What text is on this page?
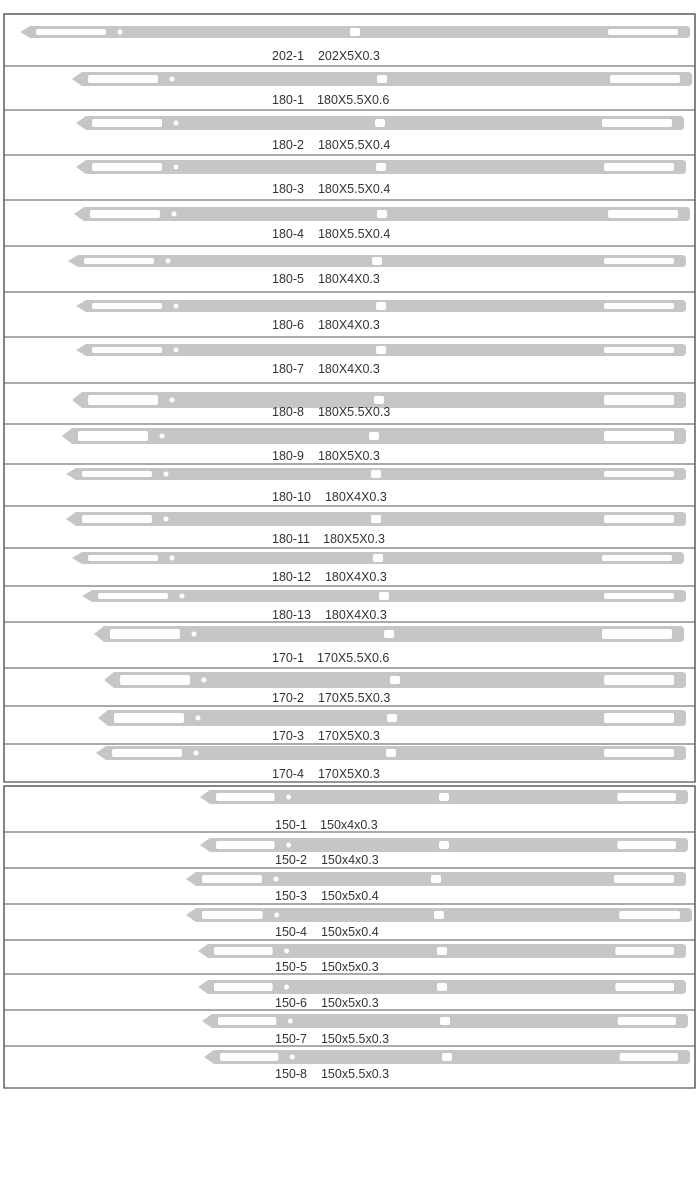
202-1 202X5X0.3
180-1 180X5.5X0.6
180-2 180X5.5X0.4
180-3 180X5.5X0.4
180-4 180X5.5X0.4
180-5 180X4X0.3
180-6 180X4X0.3
180-7 180X4X0.3
180-8 180X5.5X0.3
180-9 180X5X0.3
180-10 180X4X0.3
180-11 180X5X0.3
180-12 180X4X0.3
180-13 180X4X0.3
170-1 170X5.5X0.6
170-2 170X5.5X0.3
170-3 170X5X0.3
170-4 170X5X0.3
150-1 150x4x0.3
150-2 150x4x0.3
150-3 150x5x0.4
150-4 150x5x0.4
150-5 150x5x0.3
150-6 150x5x0.3
150-7 150x5.5x0.3
150-8 150x5.5x0.3
